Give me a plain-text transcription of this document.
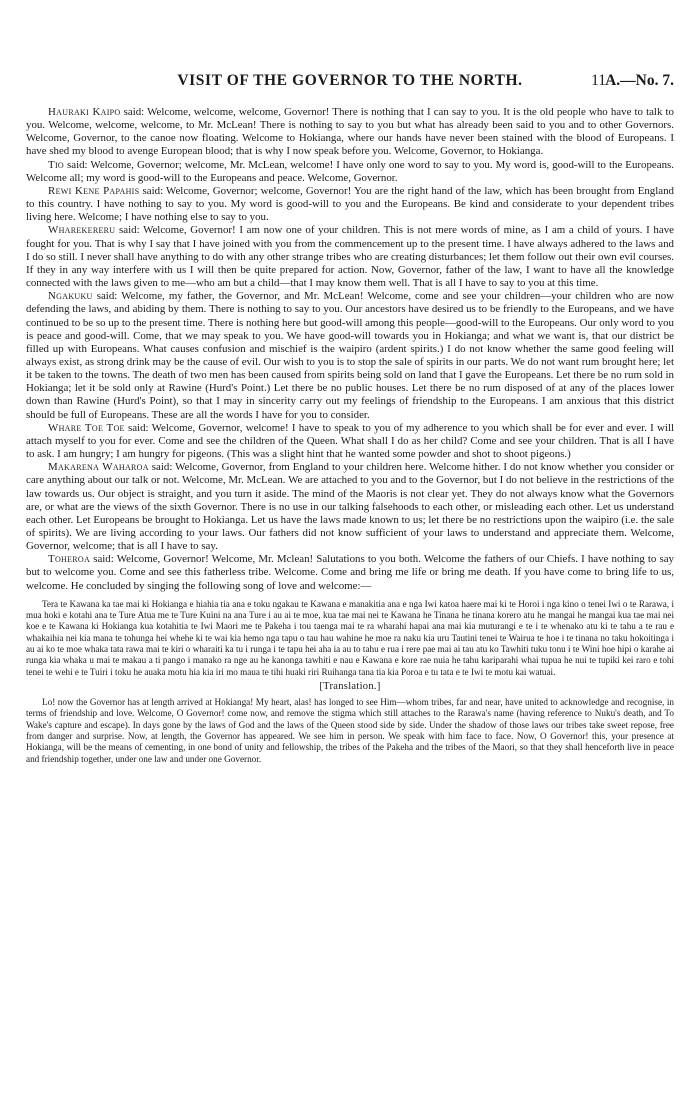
VISIT OF THE GOVERNOR TO THE NORTH.	11 A.—No. 7.

Hauraki Kaipo said: Welcome, welcome, welcome, Governor! There is nothing that I can say to you. It is the old people who have to talk to you. Welcome, welcome, welcome, to Mr. McLean! There is nothing to say to you but what has already been said to you and to other Governors. Welcome, Governor, to the canoe now floating. Welcome to Hokianga, where our hands have never been stained with the blood of Europeans. I have shed my blood to avenge European blood; that is why I now speak before you. Welcome, Governor, to Hokianga.

Tio said: Welcome, Governor; welcome, Mr. McLean, welcome! I have only one word to say to you. My word is, good-will to the Europeans. Welcome all; my word is good-will to the Europeans and peace. Welcome, Governor.

Rewi Kene Papahis said: Welcome, Governor; welcome, Governor! You are the right hand of the law, which has been brought from England to this country. I have nothing to say to you. My word is good-will to you and the Europeans. Be kind and considerate to your dependent tribes living here. Welcome; I have nothing else to say to you.

Wharekereru said: Welcome, Governor! I am now one of your children. This is not mere words of mine, as I am a child of yours. I have fought for you. That is why I say that I have joined with you from the commencement up to the present time. I have always adhered to the laws and I do so still. I never shall have anything to do with any other strange tribes who are creating disturbances; let them follow out their own evil courses. If they in any way interfere with us I will then be quite prepared for action. Now, Governor, father of the law, I want to have all the knowledge connected with the laws given to me—who am but a child—that I may know them well. That is all I have to say to you at this time.

Ngakuku said: Welcome, my father, the Governor, and Mr. McLean! Welcome, come and see your children—your children who are now defending the laws, and abiding by them. There is nothing to say to you. Our ancestors have desired us to be friendly to the Europeans, and we have continued to be so up to the present time. There is nothing here but good-will among this people—good-will to the Europeans. Our only word to you is peace and good-will. Come, that we may speak to you. We have good-will towards you in Hokianga; and what we want is, that our district be filled up with Europeans. What causes confusion and mischief is the waipiro (ardent spirits.) I do not know whether the same good feeling will always exist, as strong drink may be the cause of evil. Our wish to you is to stop the sale of spirits in our parts. We do not want rum brought here; let it be taken to the towns. The death of two men has been caused from spirits being sold on land that I gave the Europeans. Let there be no rum sold in Hokianga; let it be sold only at Rawine (Hurd's Point.) Let there be no public houses. Let there be no rum disposed of at any of the places lower down than Rawine (Hurd's Point), so that I may in sincerity carry out my feelings of friendship to the Europeans. I am anxious that this district should be full of Europeans. These are all the words I have for you to consider.

Whare Toe Toe said: Welcome, Governor, welcome! I have to speak to you of my adherence to you which shall be for ever and ever. I will attach myself to you for ever. Come and see the children of the Queen. What shall I do as her child? Come and see your children. That is all I have to ask. I am hungry; I am hungry for pigeons. (This was a slight hint that he wanted some powder and shot to shoot pigeons.)

Makarena Waharoa said: Welcome, Governor, from England to your children here. Welcome hither. I do not know whether you consider or care anything about our talk or not. Welcome, Mr. McLean. We are attached to you and to the Governor, but I do not believe in the restrictions of the law towards us. Our object is straight, and you turn it aside. The mind of the Maoris is not clear yet. They do not always know what the Governors are, or what are the views of the sixth Governor. There is no use in our talking falsehoods to each other, or misleading each other. Let us understand each other. Let Europeans be brought to Hokianga. Let us have the laws made known to us; let there be no restrictions upon the waipiro (i.e. the sale of spirits). We are living according to your laws. Our fathers did not know sufficient of your laws to understand and appreciate them. Welcome, Governor, welcome; that is all I have to say.

Toheroa said: Welcome, Governor! Welcome, Mr. Mclean! Salutations to you both. Welcome the fathers of our Chiefs. I have nothing to say but to welcome you. Come and see this fatherless tribe. Welcome. Come and bring me life or bring me death. If you have come to bring life to us, welcome. He concluded by singing the following song of love and welcome:—

Tera te Kawana ka tae mai ki Hokianga e hiahia tia ana e toku ngakau te Kawana e manakitia ana e nga Iwi katoa haere mai ki te Horoi i nga kino o tenei Iwi o te Rarawa, i mua hoki e kotahi ana te Ture Atua me te Ture Kuini na ana Ture i au ai te moe, kua tae mai nei te Kawana he Tinana he tinana korero atu he mangai he mangai kua tae mai nei koe e te Kawana ki Hokianga kua kotahitia te Iwi Maori me te Pakeha i tou taenga mai te ra wharahi hapai ana mai kia muturangi e te i te whenako atu ki te tahu a te rau e whakaihia nei kia mana te tohunga hei whehe ki te wai kia hemo nga tapu o tau hau wahine he moe ra naku kia uru Tautini tenei te Wairua te hoe i te tinana no taku hokoitinga i au ai ko te moe whaka tata rawa mai te kiri o wharaiti ka tu i runga i te tapu hei aha ia au to tahu e rua i rere pae mai ai tau atu ko Tawhiti tuku tonu i te Wini hoe hipi o karahe ai runga kia whaka u mai te makau a ti pango i manako ra nge au he kanonga tawhiti e nau e Kawana e kore rae nuia he tahu kariparahi whai tupua he nui te tupiki kei raro e tohi tenei te wehi e te Tuiri i toku he auaka motu hia kia iri mo maua te tihi huaki riri Ruihanga tana tia kia Poroa e tu tata e te Iwi te motu kai watuai.

[Translation.]

Lo! now the Governor has at length arrived at Hokianga! My heart, alas! has longed to see Him—whom tribes, far and near, have united to acknowledge and recognise, in terms of friendship and love. Welcome, O Governor! come now, and remove the stigma which still attaches to the Rarawa's name (having reference to Nuku's death, and To Wake's capture and escape). In days gone by the laws of God and the laws of the Queen stood side by side. Under the shadow of those laws our tribes take sweet repose, free from danger and surprise. Now, at length, the Governor has appeared. We see him in person. We speak with him face to face. Now, O Governor! this, your presence at Hokianga, will be the means of cementing, in one bond of unity and fellowship, the tribes of the Pakeha and the tribes of the Maori, so that they shall henceforth live in peace and friendship together, under one law and under one Governor.
